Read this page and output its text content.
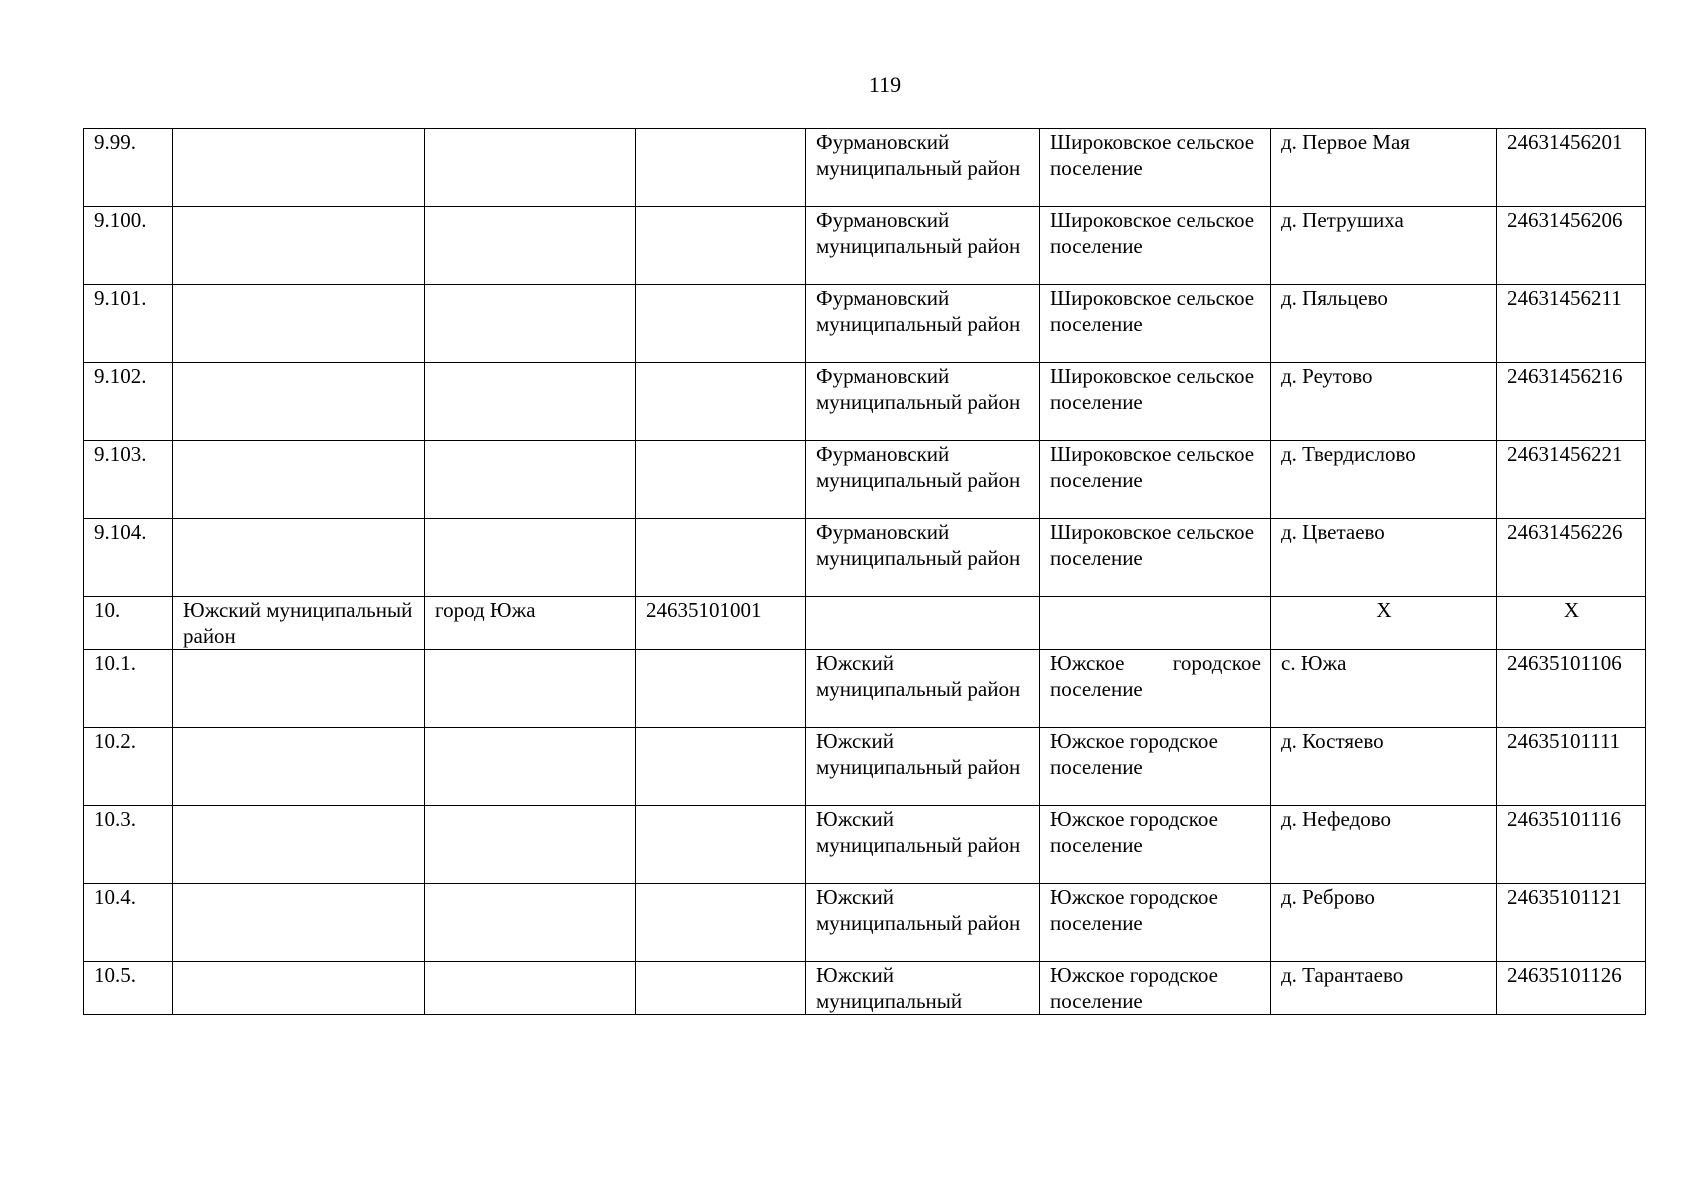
119
9.99.				Фурмановский муниципальный район	Широковское сельское поселение	д. Первое Мая	24631456201
9.100.				Фурмановский муниципальный район	Широковское сельское поселение	д. Петрушиха	24631456206
9.101.				Фурмановский муниципальный район	Широковское сельское поселение	д. Пяльцево	24631456211
9.102.				Фурмановский муниципальный район	Широковское сельское поселение	д. Реутово	24631456216
9.103.				Фурмановский муниципальный район	Широковское сельское поселение	д. Твердислово	24631456221
9.104.				Фурмановский муниципальный район	Широковское сельское поселение	д. Цветаево	24631456226
10.	Южский муниципальный район	город Южа	24635101001			X	X
10.1.				Южский муниципальный район	Южское городское поселение	с. Южа	24635101106
10.2.				Южский муниципальный район	Южское городское поселение	д. Костяево	24635101111
10.3.				Южский муниципальный район	Южское городское поселение	д. Нефедово	24635101116
10.4.				Южский муниципальный район	Южское городское поселение	д. Реброво	24635101121
10.5.				Южский муниципальный	Южское городское поселение	д. Тарантаево	24635101126
